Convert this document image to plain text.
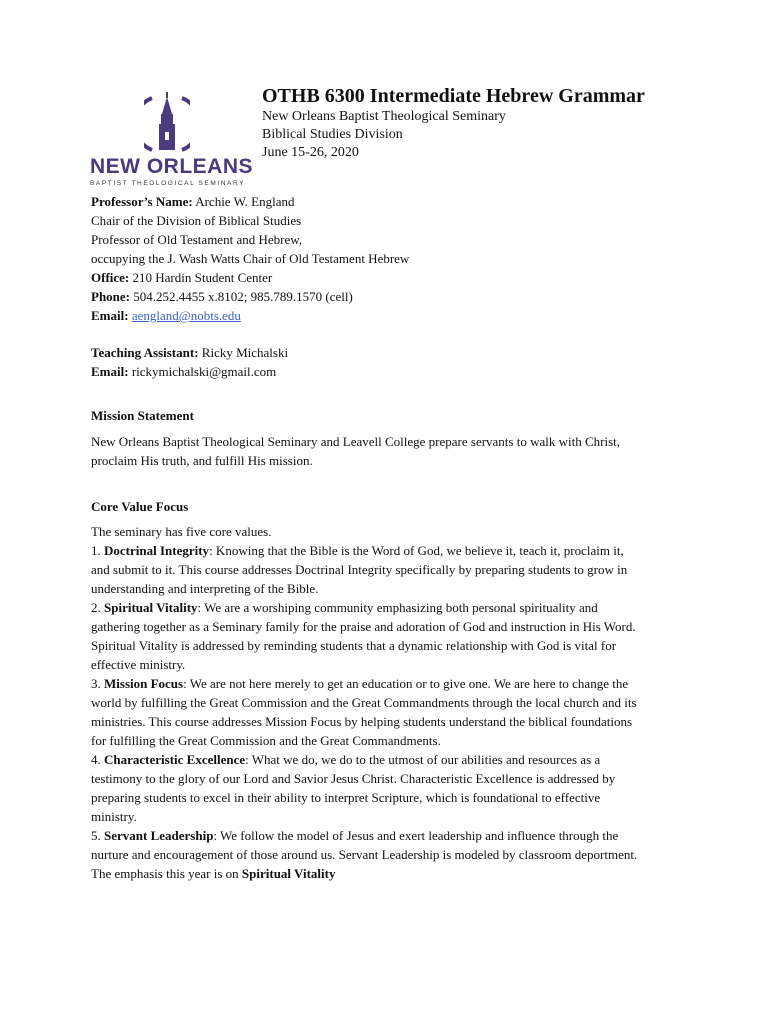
NEW ORLEANS
BAPTIST THEOLOGICAL SEMINARY
OTHB 6300 Intermediate Hebrew Grammar
New Orleans Baptist Theological Seminary
Biblical Studies Division
June 15-26, 2020
Professor’s Name: Archie W. England
Chair of the Division of Biblical Studies
Professor of Old Testament and Hebrew,
occupying the J. Wash Watts Chair of Old Testament Hebrew
Office: 210 Hardin Student Center
Phone: 504.252.4455 x.8102; 985.789.1570 (cell)
Email: aengland@nobts.edu
Teaching Assistant: Ricky Michalski
Email: rickymichalski@gmail.com
Mission Statement
New Orleans Baptist Theological Seminary and Leavell College prepare servants to walk with Christ,
proclaim His truth, and fulfill His mission.
Core Value Focus
The seminary has five core values.
1. Doctrinal Integrity: Knowing that the Bible is the Word of God, we believe it, teach it, proclaim it,
and submit to it. This course addresses Doctrinal Integrity specifically by preparing students to grow in
understanding and interpreting of the Bible.
2. Spiritual Vitality: We are a worshiping community emphasizing both personal spirituality and
gathering together as a Seminary family for the praise and adoration of God and instruction in His Word.
Spiritual Vitality is addressed by reminding students that a dynamic relationship with God is vital for
effective ministry.
3. Mission Focus: We are not here merely to get an education or to give one. We are here to change the
world by fulfilling the Great Commission and the Great Commandments through the local church and its
ministries. This course addresses Mission Focus by helping students understand the biblical foundations
for fulfilling the Great Commission and the Great Commandments.
4. Characteristic Excellence: What we do, we do to the utmost of our abilities and resources as a
testimony to the glory of our Lord and Savior Jesus Christ. Characteristic Excellence is addressed by
preparing students to excel in their ability to interpret Scripture, which is foundational to effective
ministry.
5. Servant Leadership: We follow the model of Jesus and exert leadership and influence through the
nurture and encouragement of those around us. Servant Leadership is modeled by classroom deportment.
The emphasis this year is on Spiritual Vitality
